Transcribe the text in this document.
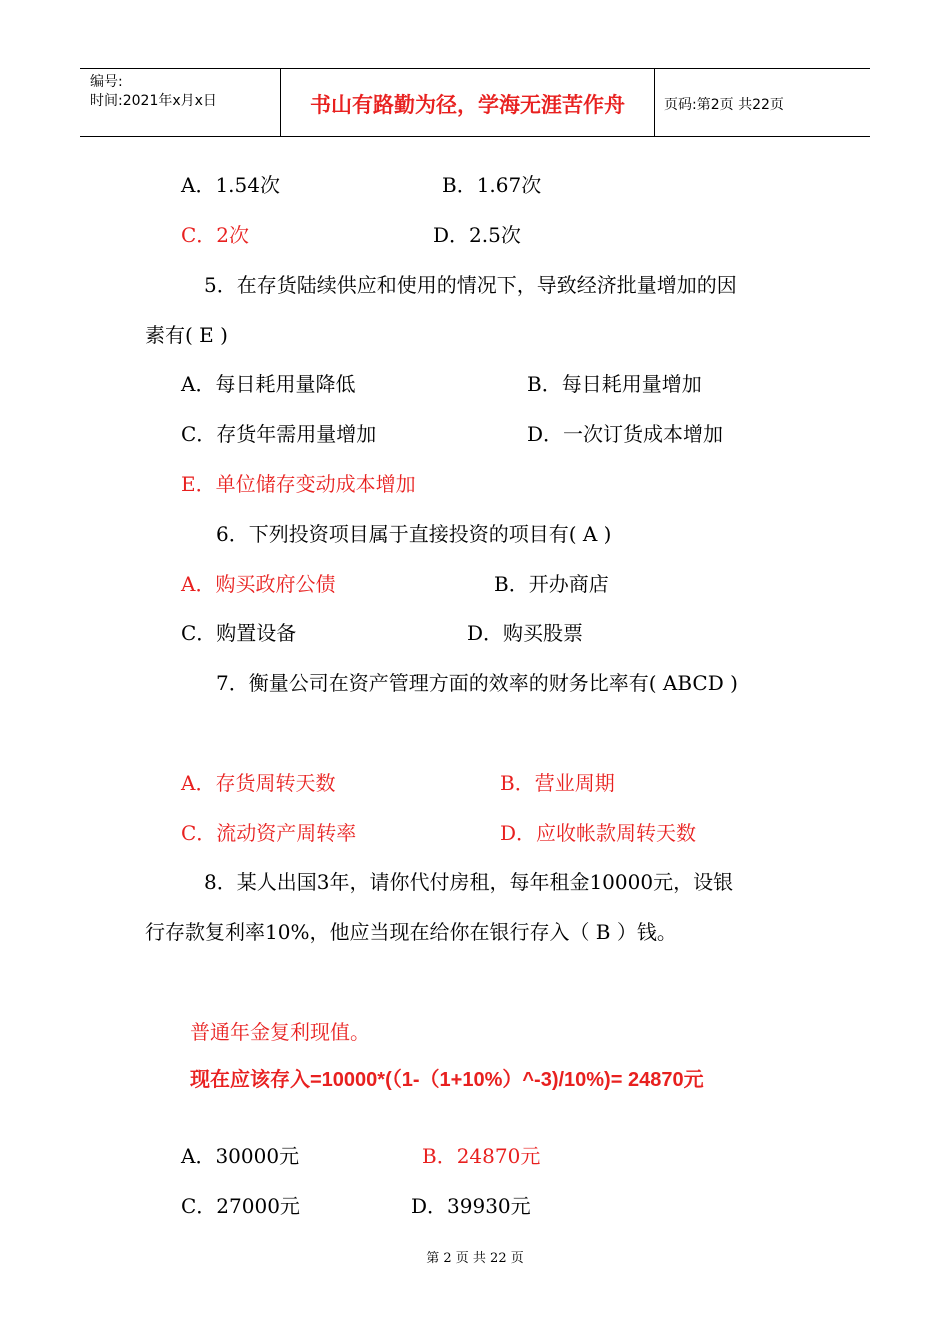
编号:
时间:2021年x月x日	书山有路勤为径，学海无涯苦作舟	页码:第2页 共22页
A．1.54次	B．1.67次
C．2次	D．2.5次
5．在存货陆续供应和使用的情况下，导致经济批量增加的因
素有( E )
A．每日耗用量降低	B．每日耗用量增加
C．存货年需用量增加	D．一次订货成本增加
E．单位储存变动成本增加
6．下列投资项目属于直接投资的项目有( A )
A．购买政府公债	B．开办商店
C．购置设备	D．购买股票
7．衡量公司在资产管理方面的效率的财务比率有( ABCD )
A．存货周转天数	B．营业周期
C．流动资产周转率	D．应收帐款周转天数
8．某人出国3年，请你代付房租，每年租金10000元，设银
行存款复利率10%，他应当现在给你在银行存入（ B ）钱。
普通年金复利现值。
现在应该存入=10000*(（1-（1+10%）^-3)/10%)= 24870元
A．30000元	B．24870元
C．27000元	D．39930元
第 2 页 共 22 页
